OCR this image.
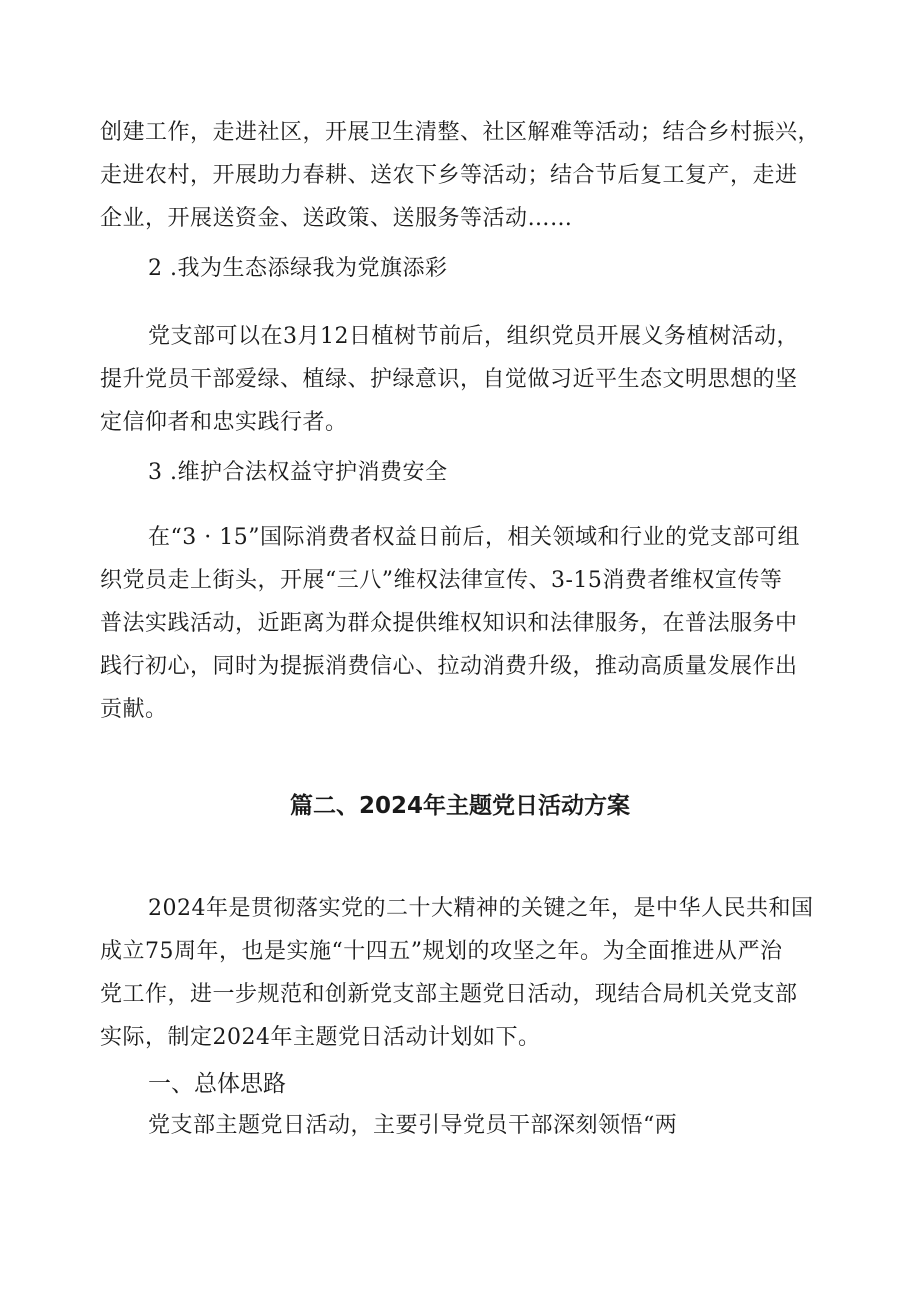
创建工作，走进社区，开展卫生清整、社区解难等活动；结合乡村振兴，
走进农村，开展助力春耕、送农下乡等活动；结合节后复工复产，走进
企业，开展送资金、送政策、送服务等活动……
2 .我为生态添绿我为党旗添彩
党支部可以在3月12日植树节前后，组织党员开展义务植树活动，
提升党员干部爱绿、植绿、护绿意识，自觉做习近平生态文明思想的坚
定信仰者和忠实践行者。
3 .维护合法权益守护消费安全
在“3 · 15”国际消费者权益日前后，相关领域和行业的党支部可组
织党员走上街头，开展“三八”维权法律宣传、3-15消费者维权宣传等
普法实践活动，近距离为群众提供维权知识和法律服务，在普法服务中
践行初心，同时为提振消费信心、拉动消费升级，推动高质量发展作出
贡献。
篇二、2024年主题党日活动方案
2024年是贯彻落实党的二十大精神的关键之年，是中华人民共和国
成立75周年，也是实施“十四五”规划的攻坚之年。为全面推进从严治
党工作，进一步规范和创新党支部主题党日活动，现结合局机关党支部
实际，制定2024年主题党日活动计划如下。
一、总体思路
党支部主题党日活动，主要引导党员干部深刻领悟“两
